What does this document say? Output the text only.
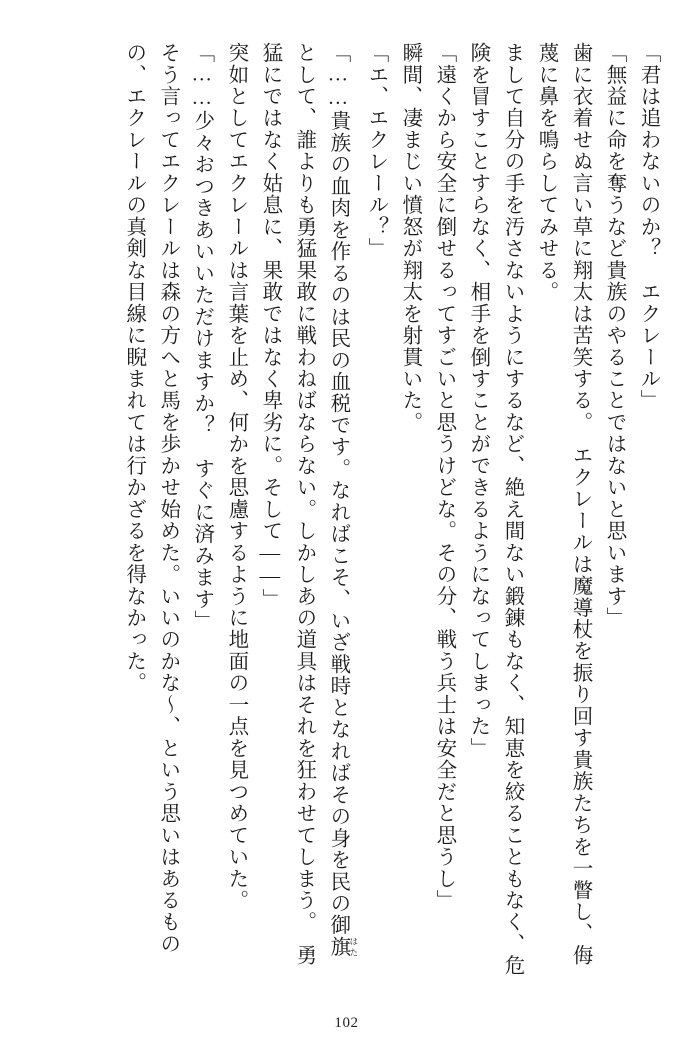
「君は追わないのか？　エクレール」

「無益に命を奪うなど貴族のやることではないと思います」

歯に衣着せぬ言い草に翔太は苦笑する。　エクレールは魔導杖を振り回す貴族たちを一瞥し、侮蔑に鼻を鳴らしてみせる。

まして自分の手を汚さないようにするなど、絶え間ない鍛錬もなく、知恵を絞ることもなく、危険を冒すことすらなく、相手を倒すことができるようになってしまった」

「遠くから安全に倒せるってすごいと思うけどな。その分、戦う兵士は安全だと思うし」

瞬間、凄まじい憤怒が翔太を射貫いた。

「エ、エクレール？」

「……貴族の血肉を作るのは民の血税です。なればこそ、いざ戦時となればその身を民の御旗 はたとして、誰よりも勇猛果敢に戦わねばならない。しかしあの道具はそれを狂わせてしまう。　勇猛にではなく姑息に、果敢ではなく卑劣に。そして――」

突如としてエクレールは言葉を止め、何かを思慮するように地面の一点を見つめていた。

「……少々おつきあいいただけますか？　すぐに済みます」

そう言ってエクレールは森の方へと馬を歩かせ始めた。いいのかな～、という思いはあるものの、エクレールの真剣な目線に睨まれては行かざるを得なかった。

102
